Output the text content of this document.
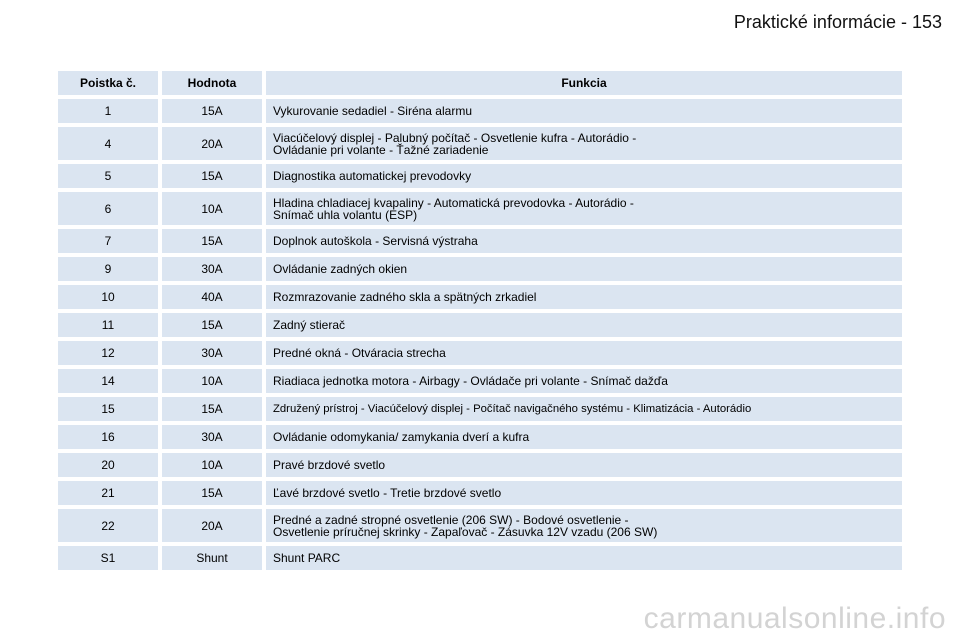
Praktické informácie - 153
Poistka č.	Hodnota	Funkcia
1	15A	Vykurovanie sedadiel - Siréna alarmu
4	20A	Viacúčelový displej - Palubný počítač - Osvetlenie kufra - Autorádio -
Ovládanie pri volante - Ťažné zariadenie
5	15A	Diagnostika automatickej prevodovky
6	10A	Hladina chladiacej kvapaliny - Automatická prevodovka - Autorádio -
Snímač uhla volantu (ESP)
7	15A	Doplnok autoškola - Servisná výstraha
9	30A	Ovládanie zadných okien
10	40A	Rozmrazovanie zadného skla a spätných zrkadiel
11	15A	Zadný stierač
12	30A	Predné okná - Otváracia strecha
14	10A	Riadiaca jednotka motora - Airbagy - Ovládače pri volante - Snímač dažďa
15	15A	Združený prístroj - Viacúčelový displej - Počítač navigačného systému - Klimatizácia - Autorádio
16	30A	Ovládanie odomykania/ zamykania dverí a kufra
20	10A	Pravé brzdové svetlo
21	15A	Ľavé brzdové svetlo - Tretie brzdové svetlo
22	20A	Predné a zadné stropné osvetlenie (206 SW) - Bodové osvetlenie -
Osvetlenie príručnej skrinky - Zapaľovač - Zásuvka 12V vzadu (206 SW)
S1	Shunt	Shunt PARC
carmanualsonline.info
